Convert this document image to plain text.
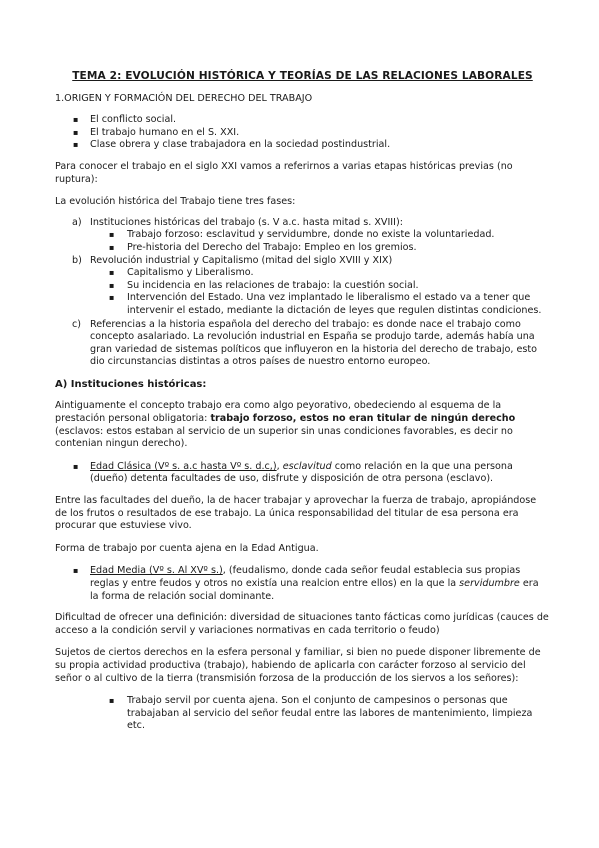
TEMA 2: EVOLUCIÓN HISTÓRICA Y TEORÍAS DE LAS RELACIONES LABORALES
1.ORIGEN Y FORMACIÓN DEL DERECHO DEL TRABAJO
▪ El conflicto social.
▪ El trabajo humano en el S. XXI.
▪ Clase obrera y clase trabajadora en la sociedad postindustrial.

Para conocer el trabajo en el siglo XXI vamos a referirnos a varias etapas históricas previas (no ruptura):

La evolución histórica del Trabajo tiene tres fases:

a) Instituciones históricas del trabajo (s. V a.c. hasta mitad s. XVIII):
▪ Trabajo forzoso: esclavitud y servidumbre, donde no existe la voluntariedad.
▪ Pre-historia del Derecho del Trabajo: Empleo en los gremios.
b) Revolución industrial y Capitalismo (mitad del siglo XVIII y XIX)
▪ Capitalismo y Liberalismo.
▪ Su incidencia en las relaciones de trabajo: la cuestión social.
▪ Intervención del Estado. Una vez implantado le liberalismo el estado va a tener que intervenir el estado, mediante la dictación de leyes que regulen distintas condiciones.
c) Referencias a la historia española del derecho del trabajo: es donde nace el trabajo como concepto asalariado. La revolución industrial en España se produjo tarde, además había una gran variedad de sistemas políticos que influyeron en la historia del derecho de trabajo, esto dio circunstancias distintas a otros países de nuestro entorno europeo.
A) Instituciones históricas:

Aintiguamente el concepto trabajo era como algo peyorativo, obedeciendo al esquema de la prestación personal obligatoria: trabajo forzoso, estos no eran titular de ningún derecho (esclavos: estos estaban al servicio de un superior sin unas condiciones favorables, es decir no contenian ningun derecho).

▪ Edad Clásica (Vº s. a.c hasta Vº s. d.c,), esclavitud como relación en la que una persona (dueño) detenta facultades de uso, disfrute y disposición de otra persona (esclavo).

Entre las facultades del dueño, la de hacer trabajar y aprovechar la fuerza de trabajo, apropiándose de los frutos o resultados de ese trabajo. La única responsabilidad del titular de esa persona era procurar que estuviese vivo.

Forma de trabajo por cuenta ajena en la Edad Antigua.

▪ Edad Media (Vº s. Al XVº s.), (feudalismo, donde cada señor feudal establecia sus propias reglas y entre feudos y otros no existía una realcion entre ellos) en la que la servidumbre era la forma de relación social dominante.

Dificultad de ofrecer una definición: diversidad de situaciones tanto fácticas como jurídicas (cauces de acceso a la condición servil y variaciones normativas en cada territorio o feudo)

Sujetos de ciertos derechos en la esfera personal y familiar, si bien no puede disponer libremente de su propia actividad productiva (trabajo), habiendo de aplicarla con carácter forzoso al servicio del señor o al cultivo de la tierra (transmisión forzosa de la producción de los siervos a los señores):

▪ Trabajo servil por cuenta ajena. Son el conjunto de campesinos o personas que trabajaban al servicio del señor feudal entre las labores de mantenimiento, limpieza etc.
